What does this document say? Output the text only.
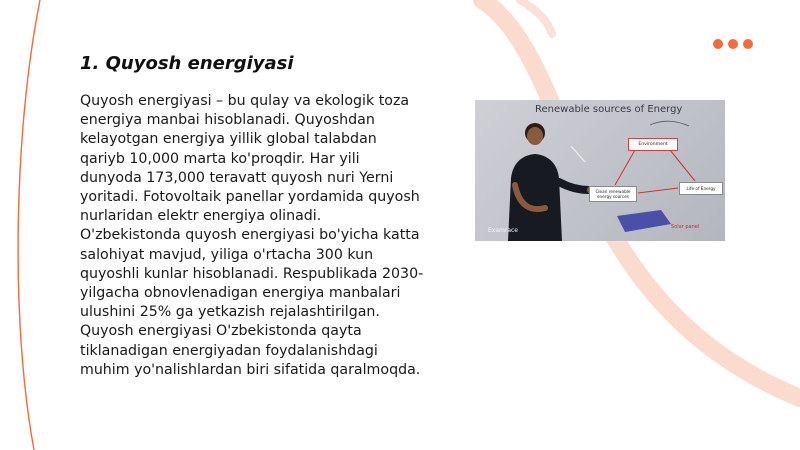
1. Quyosh energiyasi

Quyosh energiyasi – bu qulay va ekologik toza energiya manbai hisoblanadi. Quyoshdan kelayotgan energiya yillik global talabdan qariyb 10,000 marta ko'proqdir. Har yili dunyoda 173,000 teravatt quyosh nuri Yerni yoritadi. Fotovoltaik panellar yordamida quyosh nurlaridan elektr energiya olinadi. O'zbekistonda quyosh energiyasi bo'yicha katta salohiyat mavjud, yiliga o'rtacha 300 kun quyoshli kunlar hisoblanadi. Respublikada 2030-yilgacha obnovlenadigan energiya manbalari ulushini 25% ga yetkazish rejalashtirilgan. Quyosh energiyasi O'zbekistonda qayta tiklanadigan energiyadan foydalanishdagi muhim yo'nalishlardan biri sifatida qaralmoqda.

Renewable sources of Energy
Environment
Clean renewable energy sources
Life of Energy
Examrace	Solar panel
